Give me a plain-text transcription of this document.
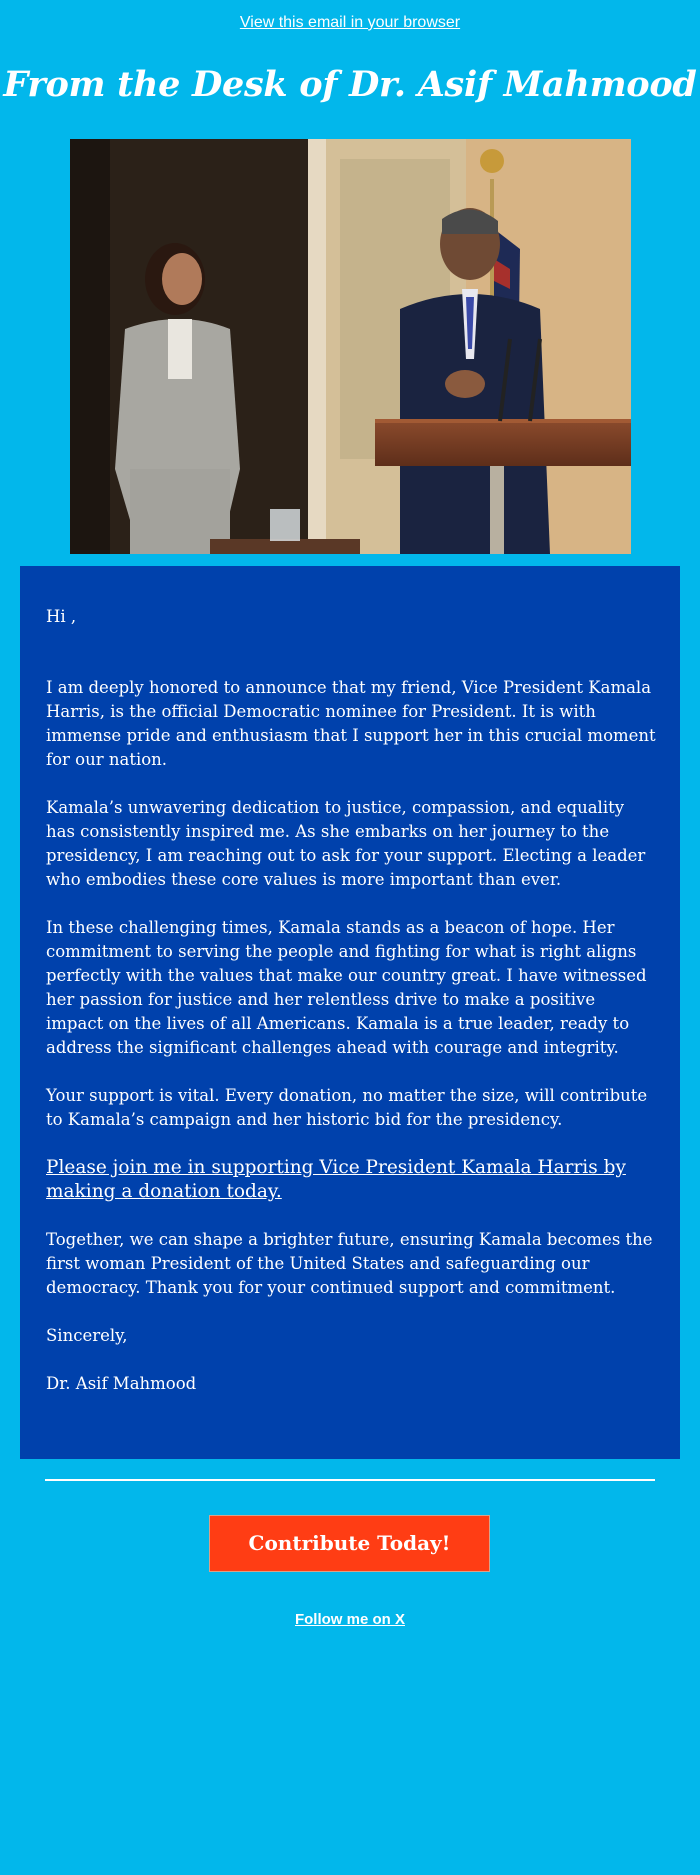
View this email in your browser
From the Desk of Dr. Asif Mahmood

Hi ,

I am deeply honored to announce that my friend, Vice President Kamala Harris, is the official Democratic nominee for President. It is with immense pride and enthusiasm that I support her in this crucial moment for our nation.

Kamala’s unwavering dedication to justice, compassion, and equality has consistently inspired me. As she embarks on her journey to the presidency, I am reaching out to ask for your support. Electing a leader who embodies these core values is more important than ever.

In these challenging times, Kamala stands as a beacon of hope. Her commitment to serving the people and fighting for what is right aligns perfectly with the values that make our country great. I have witnessed her passion for justice and her relentless drive to make a positive impact on the lives of all Americans. Kamala is a true leader, ready to address the significant challenges ahead with courage and integrity.

Your support is vital. Every donation, no matter the size, will contribute to Kamala’s campaign and her historic bid for the presidency.

Please join me in supporting Vice President Kamala Harris by making a donation today.

Together, we can shape a brighter future, ensuring Kamala becomes the first woman President of the United States and safeguarding our democracy. Thank you for your continued support and commitment.

Sincerely,

Dr. Asif Mahmood

Contribute Today!
Follow me on X
